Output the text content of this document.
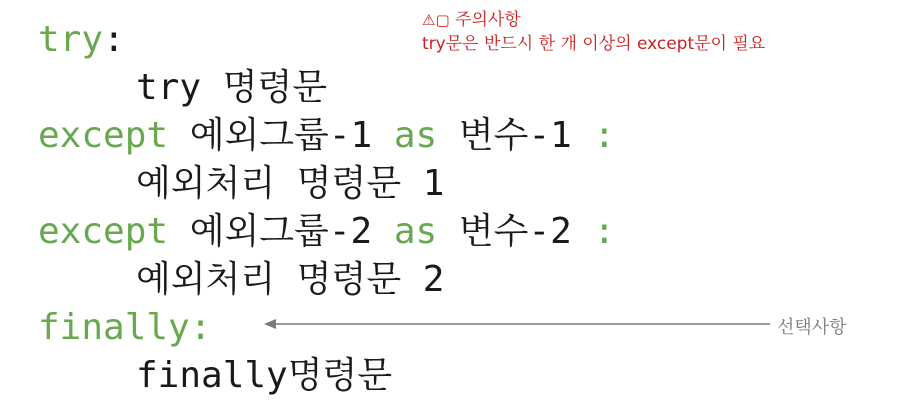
⚠︎▢ 주의사항
try문은 반드시 한 개 이상의 except문이 필요
try:
try 명령문
except 예외그룹-1 as 변수-1 :
예외처리 명령문 1
except 예외그룹-2 as 변수-2 :
예외처리 명령문 2
finally:
finally명령문
선택사항
